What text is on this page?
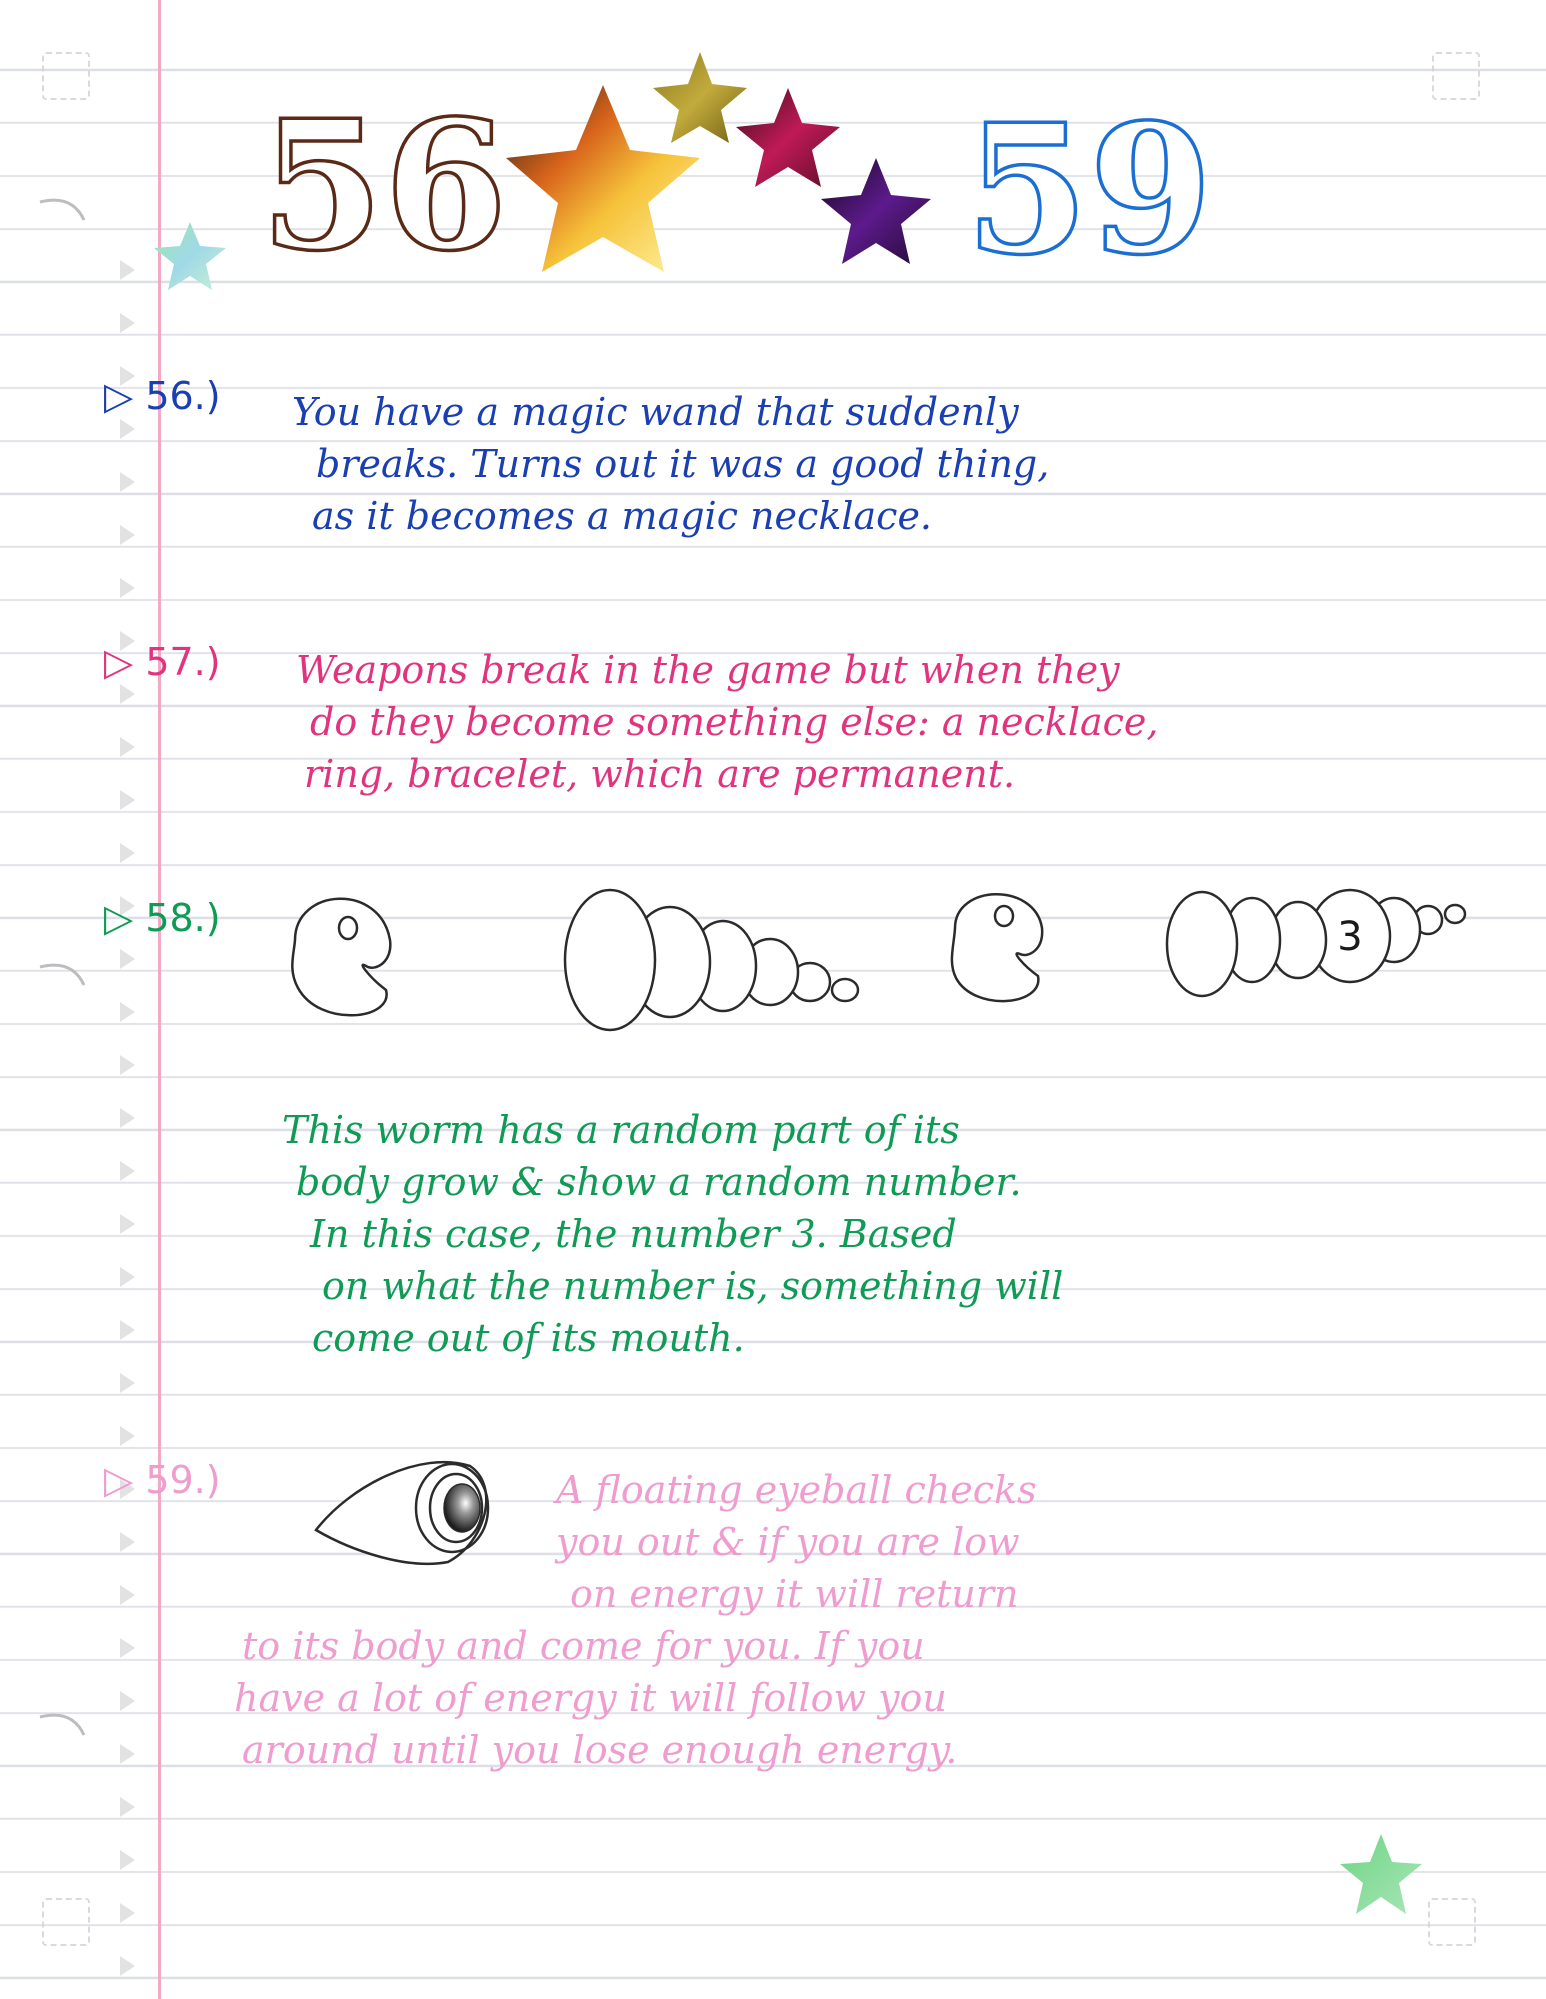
56	59
▷ 56.) You have a magic wand that suddenly
breaks. Turns out it was a good thing,
as it becomes a magic necklace.
▷ 57.) Weapons break in the game but when they
do they become something else: a necklace,
ring, bracelet, which are permanent.
▷ 58.)	3
This worm has a random part of its
body grow & show a random number.
In this case, the number 3. Based
on what the number is, something will
come out of its mouth.
▷ 59.)	A floating eyeball checks
you out & if you are low
on energy it will return
to its body and come for you. If you
have a lot of energy it will follow you
around until you lose enough energy.
